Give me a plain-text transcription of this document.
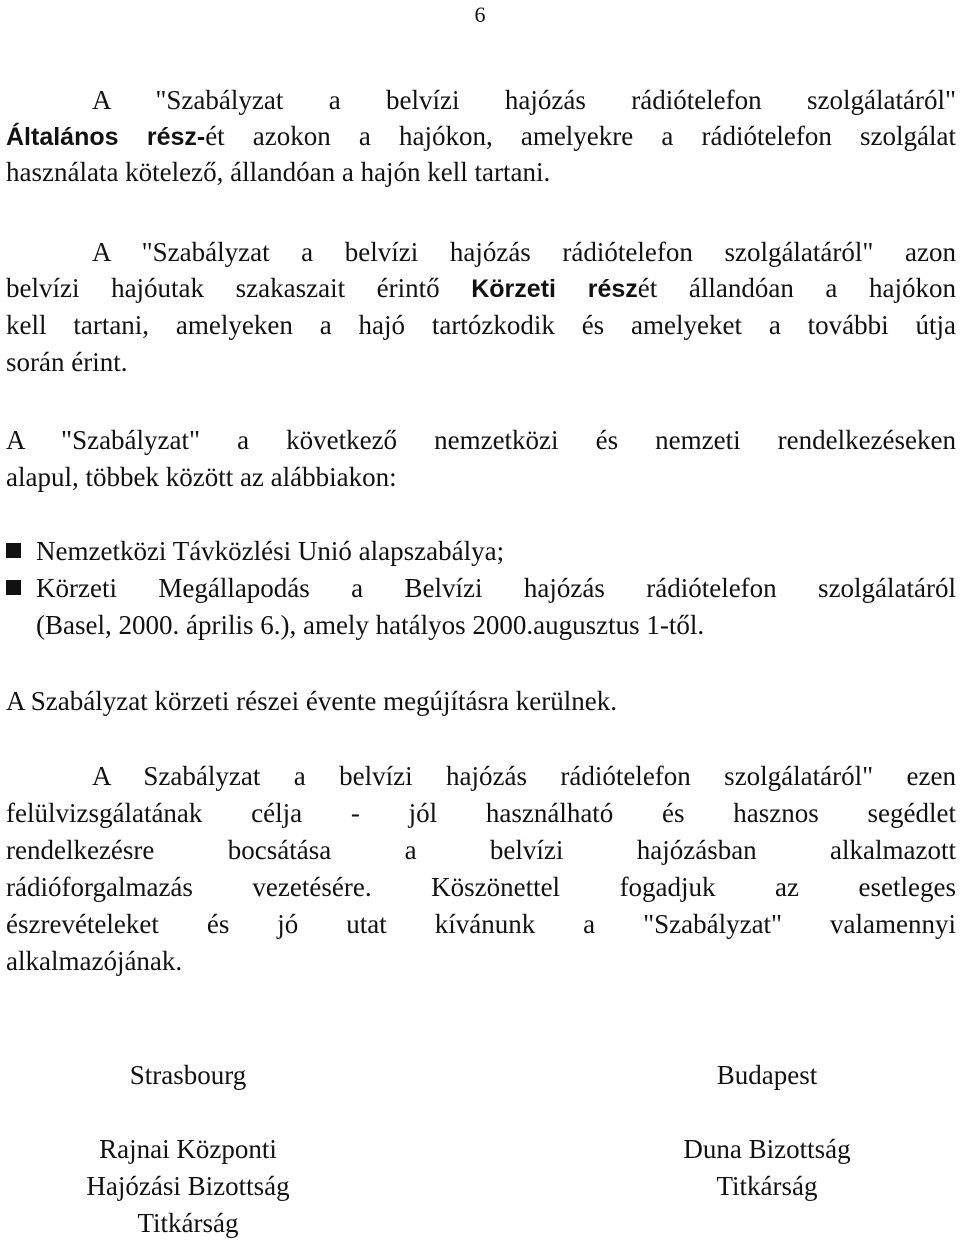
6
A "Szabályzat a belvízi hajózás rádiótelefon szolgálatáról"
Általános rész-ét azokon a hajókon, amelyekre a rádiótelefon szolgálat
használata kötelező, állandóan a hajón kell tartani.
A "Szabályzat a belvízi hajózás rádiótelefon szolgálatáról" azon
belvízi hajóutak szakaszait érintő Körzeti részét állandóan a hajókon
kell tartani, amelyeken a hajó tartózkodik és amelyeket a további útja
során érint.
A "Szabályzat" a következő nemzetközi és nemzeti rendelkezéseken
alapul, többek között az alábbiakon:
Nemzetközi Távközlési Unió alapszabálya;
Körzeti Megállapodás a Belvízi hajózás rádiótelefon szolgálatáról
(Basel, 2000. április 6.), amely hatályos 2000.augusztus 1-től.
A Szabályzat körzeti részei évente megújításra kerülnek.
A Szabályzat a belvízi hajózás rádiótelefon szolgálatáról" ezen
felülvizsgálatának célja - jól használható és hasznos segédlet
rendelkezésre bocsátása a belvízi hajózásban alkalmazott
rádióforgalmazás vezetésére. Köszönettel fogadjuk az esetleges
észrevételeket és jó utat kívánunk a "Szabályzat" valamennyi
alkalmazójának.
Strasbourg
Rajnai Központi
Hajózási Bizottság
Titkárság
Budapest
Duna Bizottság
Titkárság
